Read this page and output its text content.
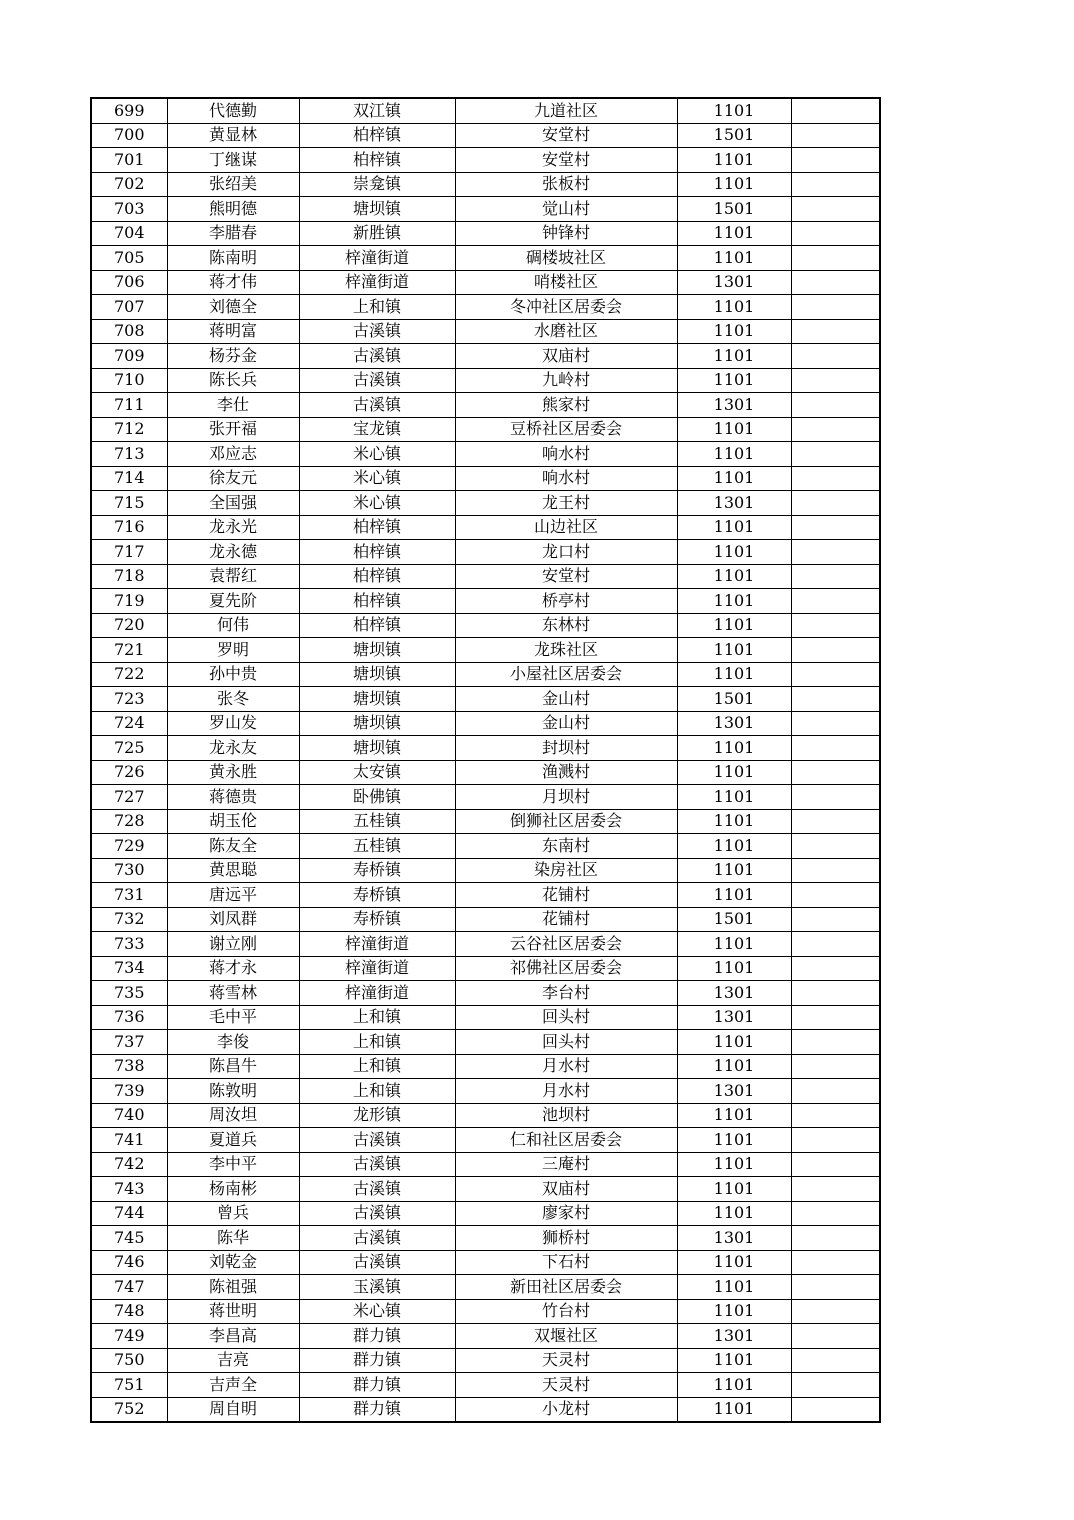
699	代德勤	双江镇	九道社区	1101	
700	黄显林	柏梓镇	安堂村	1501	
701	丁继谋	柏梓镇	安堂村	1101	
702	张绍美	崇龛镇	张板村	1101	
703	熊明德	塘坝镇	觉山村	1501	
704	李腊春	新胜镇	钟锋村	1101	
705	陈南明	梓潼街道	碉楼坡社区	1101	
706	蒋才伟	梓潼街道	哨楼社区	1301	
707	刘德全	上和镇	冬冲社区居委会	1101	
708	蒋明富	古溪镇	水磨社区	1101	
709	杨芬金	古溪镇	双庙村	1101	
710	陈长兵	古溪镇	九岭村	1101	
711	李仕	古溪镇	熊家村	1301	
712	张开福	宝龙镇	豆桥社区居委会	1101	
713	邓应志	米心镇	响水村	1101	
714	徐友元	米心镇	响水村	1101	
715	全国强	米心镇	龙王村	1301	
716	龙永光	柏梓镇	山边社区	1101	
717	龙永德	柏梓镇	龙口村	1101	
718	袁帮红	柏梓镇	安堂村	1101	
719	夏先阶	柏梓镇	桥亭村	1101	
720	何伟	柏梓镇	东林村	1101	
721	罗明	塘坝镇	龙珠社区	1101	
722	孙中贵	塘坝镇	小屋社区居委会	1101	
723	张冬	塘坝镇	金山村	1501	
724	罗山发	塘坝镇	金山村	1301	
725	龙永友	塘坝镇	封坝村	1101	
726	黄永胜	太安镇	渔溅村	1101	
727	蒋德贵	卧佛镇	月坝村	1101	
728	胡玉伦	五桂镇	倒狮社区居委会	1101	
729	陈友全	五桂镇	东南村	1101	
730	黄思聪	寿桥镇	染房社区	1101	
731	唐远平	寿桥镇	花铺村	1101	
732	刘凤群	寿桥镇	花铺村	1501	
733	谢立刚	梓潼街道	云谷社区居委会	1101	
734	蒋才永	梓潼街道	祁佛社区居委会	1101	
735	蒋雪林	梓潼街道	李台村	1301	
736	毛中平	上和镇	回头村	1301	
737	李俊	上和镇	回头村	1101	
738	陈昌牛	上和镇	月水村	1101	
739	陈敦明	上和镇	月水村	1301	
740	周汝坦	龙形镇	池坝村	1101	
741	夏道兵	古溪镇	仁和社区居委会	1101	
742	李中平	古溪镇	三庵村	1101	
743	杨南彬	古溪镇	双庙村	1101	
744	曾兵	古溪镇	廖家村	1101	
745	陈华	古溪镇	狮桥村	1301	
746	刘乾金	古溪镇	下石村	1101	
747	陈祖强	玉溪镇	新田社区居委会	1101	
748	蒋世明	米心镇	竹台村	1101	
749	李昌高	群力镇	双堰社区	1301	
750	吉亮	群力镇	天灵村	1101	
751	吉声全	群力镇	天灵村	1101	
752	周自明	群力镇	小龙村	1101	
